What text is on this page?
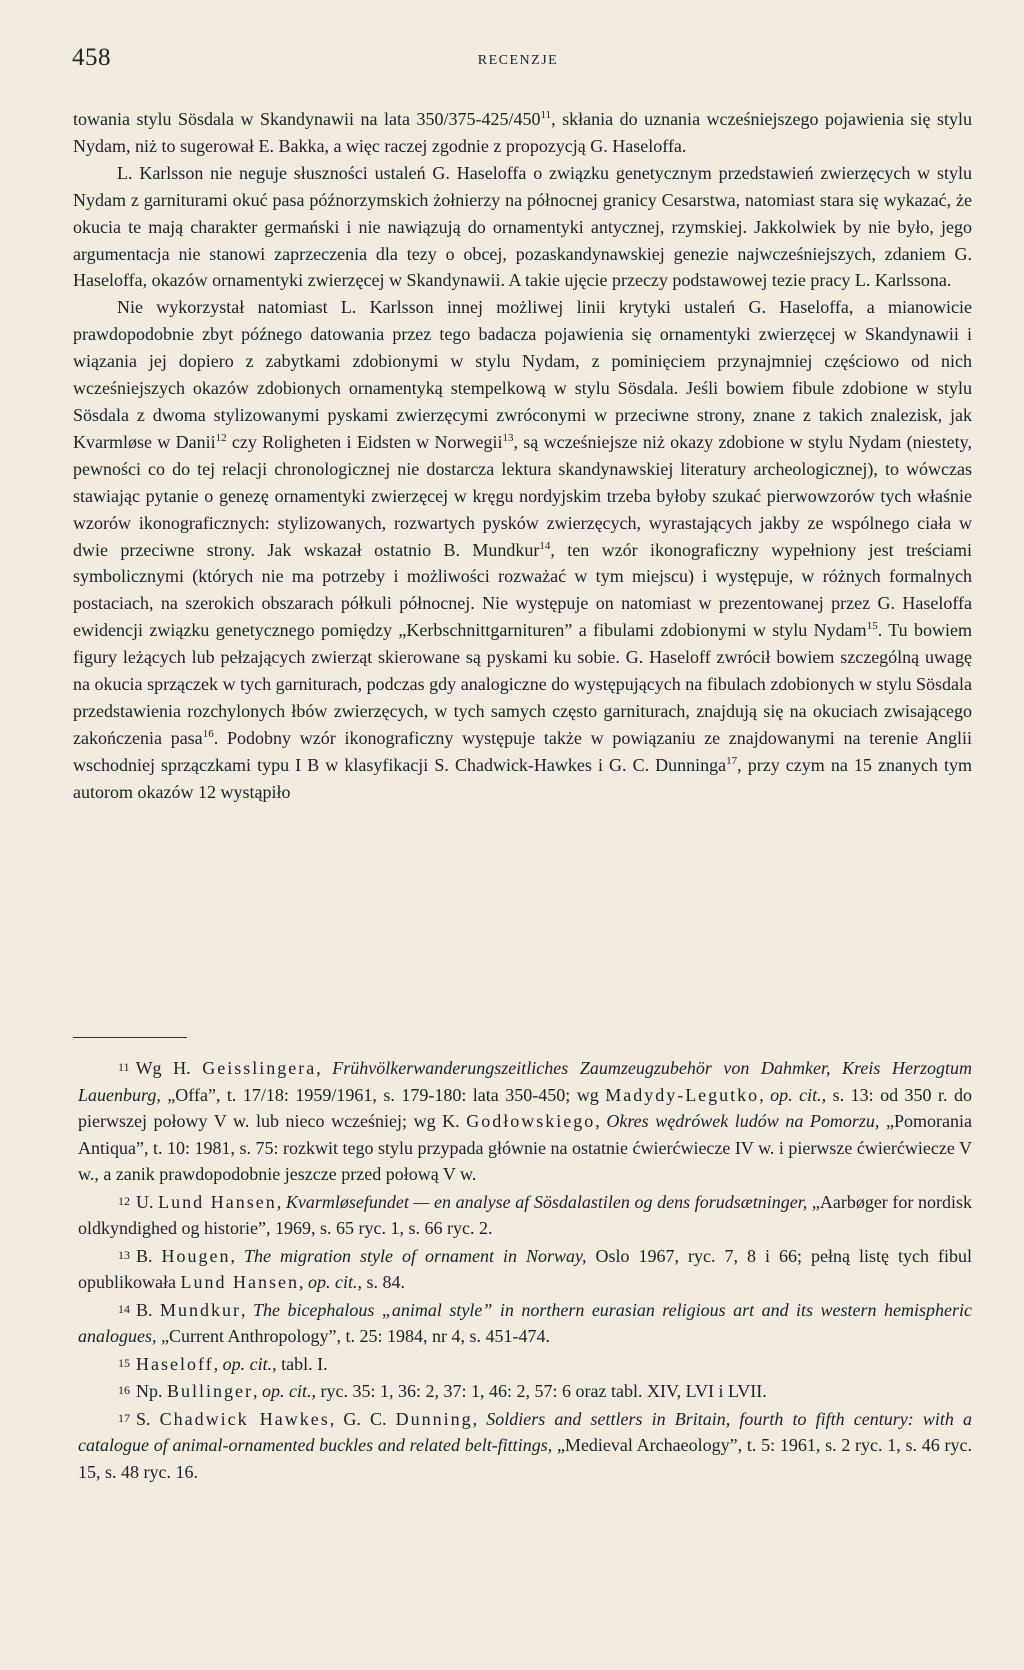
458	RECENZJE

towania stylu Sösdala w Skandynawii na lata 350/375-425/450$^{11}$, skłania do uznania wcześniejszego pojawienia się stylu Nydam, niż to sugerował E. Bakka, a więc raczej zgodnie z propozycją G. Haseloffa.

L. Karlsson nie neguje słuszności ustaleń G. Haseloffa o związku genetycznym przedstawień zwierzęcych w stylu Nydam z garniturami okuć pasa późnorzymskich żołnierzy na północnej granicy Cesarstwa, natomiast stara się wykazać, że okucia te mają charakter germański i nie nawiązują do ornamentyki antycznej, rzymskiej. Jakkolwiek by nie było, jego argumentacja nie stanowi zaprzeczenia dla tezy o obcej, pozaskandynawskiej genezie najwcześniejszych, zdaniem G. Haseloffa, okazów ornamentyki zwierzęcej w Skandynawii. A takie ujęcie przeczy podstawowej tezie pracy L. Karlssona.

Nie wykorzystał natomiast L. Karlsson innej możliwej linii krytyki ustaleń G. Haseloffa, a mianowicie prawdopodobnie zbyt późnego datowania przez tego badacza pojawienia się ornamentyki zwierzęcej w Skandynawii i wiązania jej dopiero z zabytkami zdobionymi w stylu Nydam, z pominięciem przynajmniej częściowo od nich wcześniejszych okazów zdobionych ornamentyką stempelkową w stylu Sösdala. Jeśli bowiem fibule zdobione w stylu Sösdala z dwoma stylizowanymi pyskami zwierzęcymi zwróconymi w przeciwne strony, znane z takich znalezisk, jak Kvarmløse w Danii$^{12}$ czy Roligheten i Eidsten w Norwegii$^{13}$, są wcześniejsze niż okazy zdobione w stylu Nydam (niestety, pewności co do tej relacji chronologicznej nie dostarcza lektura skandynawskiej literatury archeologicznej), to wówczas stawiając pytanie o genezę ornamentyki zwierzęcej w kręgu nordyjskim trzeba byłoby szukać pierwowzorów tych właśnie wzorów ikonograficznych: stylizowanych, rozwartych pysków zwierzęcych, wyrastających jakby ze wspólnego ciała w dwie przeciwne strony. Jak wskazał ostatnio B. Mundkur$^{14}$, ten wzór ikonograficzny wypełniony jest treściami symbolicznymi (których nie ma potrzeby i możliwości rozważać w tym miejscu) i występuje, w różnych formalnych postaciach, na szerokich obszarach półkuli północnej. Nie występuje on natomiast w prezentowanej przez G. Haseloffa ewidencji związku genetycznego pomiędzy „Kerbschnittgarnituren” a fibulami zdobionymi w stylu Nydam$^{15}$. Tu bowiem figury leżących lub pełzających zwierząt skierowane są pyskami ku sobie. G. Haseloff zwrócił bowiem szczególną uwagę na okucia sprzączek w tych garniturach, podczas gdy analogiczne do występujących na fibulach zdobionych w stylu Sösdala przedstawienia rozchylonych łbów zwierzęcych, w tych samych często garniturach, znajdują się na okuciach zwisającego zakończenia pasa$^{16}$. Podobny wzór ikonograficzny występuje także w powiązaniu ze znajdowanymi na terenie Anglii wschodniej sprzączkami typu I B w klasyfikacji S. Chadwick-Hawkes i G. C. Dunninga$^{17}$, przy czym na 15 znanych tym autorom okazów 12 wystąpiło

11 Wg H. Geisslingera, Frühvölkerwanderungszeitliches Zaumzeugzubehör von Dahmker, Kreis Herzogtum Lauenburg, „Offa”, t. 17/18: 1959/1961, s. 179-180: lata 350-450; wg Madydy-Legutko, op. cit., s. 13: od 350 r. do pierwszej połowy V w. lub nieco wcześniej; wg K. Godłowskiego, Okres wędrówek ludów na Pomorzu, „Pomorania Antiqua”, t. 10: 1981, s. 75: rozkwit tego stylu przypada głównie na ostatnie ćwierćwiecze IV w. i pierwsze ćwierćwiecze V w., a zanik prawdopodobnie jeszcze przed połową V w.

12 U. Lund Hansen, Kvarmløsefundet — en analyse af Sösdalastilen og dens forudsætninger, „Aarbøger for nordisk oldkyndighed og historie”, 1969, s. 65 ryc. 1, s. 66 ryc. 2.

13 B. Hougen, The migration style of ornament in Norway, Oslo 1967, ryc. 7, 8 i 66; pełną listę tych fibul opublikowała Lund Hansen, op. cit., s. 84.

14 B. Mundkur, The bicephalous „animal style” in northern eurasian religious art and its western hemispheric analogues, „Current Anthropology”, t. 25: 1984, nr 4, s. 451-474.

15 Haseloff, op. cit., tabl. I.

16 Np. Bullinger, op. cit., ryc. 35: 1, 36: 2, 37: 1, 46: 2, 57: 6 oraz tabl. XIV, LVI i LVII.

17 S. Chadwick Hawkes, G. C. Dunning, Soldiers and settlers in Britain, fourth to fifth century: with a catalogue of animal-ornamented buckles and related belt-fittings, „Medieval Archaeology”, t. 5: 1961, s. 2 ryc. 1, s. 46 ryc. 15, s. 48 ryc. 16.
